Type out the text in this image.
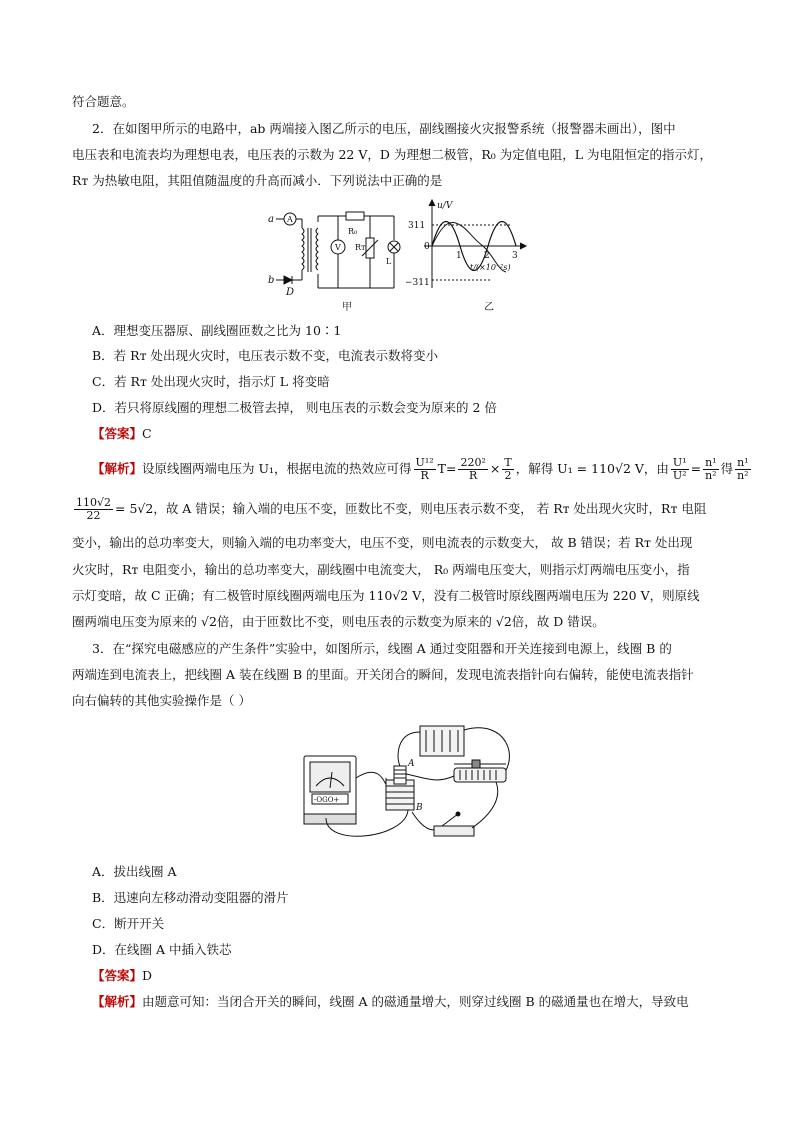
符合题意。
2．在如图甲所示的电路中，ab 两端接入图乙所示的电压，副线圈接火灾报警系统（报警器未画出），图中
电压表和电流表均为理想电表，电压表的示数为 22 V，D 为理想二极管，R₀ 为定值电阻，L 为电阻恒定的指示灯，
Rᴛ 为热敏电阻，其阻值随温度的升高而减小．下列说法中正确的是
a A
b
D
R₀
V Rᴛ
L
甲
u/V
311
0
−311
1 2 3
t/(×10⁻²s)
乙
A．理想变压器原、副线圈匝数之比为 10∶1
B．若 Rᴛ 处出现火灾时，电压表示数不变，电流表示数将变小
C．若 Rᴛ 处出现火灾时，指示灯 L 将变暗
D．若只将原线圈的理想二极管去掉， 则电压表的示数会变为原来的 2 倍
【答案】C
【解析】 设原线圈两端电压为 U₁，根据电流的热效应可得 $\frac{\text{U¹²}}{R} T= \frac{\text{220²}}{R} \times \frac{T}{2}$ ，解得 U₁ = 110√2 V，由 $\frac{\text{U¹}}{\text{U²}} = \frac{\text{n¹}}{\text{n²}}$ 得 $\frac{\text{n¹}}{\text{n²}}$
$\frac{110√2}{22} = 5√2$，故 A 错误；输入端的电压不变，匝数比不变，则电压表示数不变， 若 Rᴛ 处出现火灾时，Rᴛ 电阻
变小，输出的总功率变大，则输入端的电功率变大，电压不变，则电流表的示数变大， 故 B 错误；若 Rᴛ 处出现
火灾时，Rᴛ 电阻变小，输出的总功率变大，副线圈中电流变大， R₀ 两端电压变大，则指示灯两端电压变小，指
示灯变暗，故 C 正确；有二极管时原线圈两端电压为 110√2 V，没有二极管时原线圈两端电压为 220 V，则原线
圈两端电压变为原来的 √2倍，由于匝数比不变，则电压表的示数变为原来的 √2倍，故 D 错误。
3．在“探究电磁感应的产生条件”实验中，如图所示，线圈 A 通过变阻器和开关连接到电源上，线圈 B 的
两端连到电流表上，把线圈 A 装在线圈 B 的里面。开关闭合的瞬间，发现电流表指针向右偏转，能使电流表指针
向右偏转的其他实验操作是（ ）
-OGO+
A
B
A．拔出线圈 A
B．迅速向左移动滑动变阻器的滑片
C．断开开关
D．在线圈 A 中插入铁芯
【答案】D
【解析】由题意可知：当闭合开关的瞬间，线圈 A 的磁通量增大，则穿过线圈 B 的磁通量也在增大，导致电
